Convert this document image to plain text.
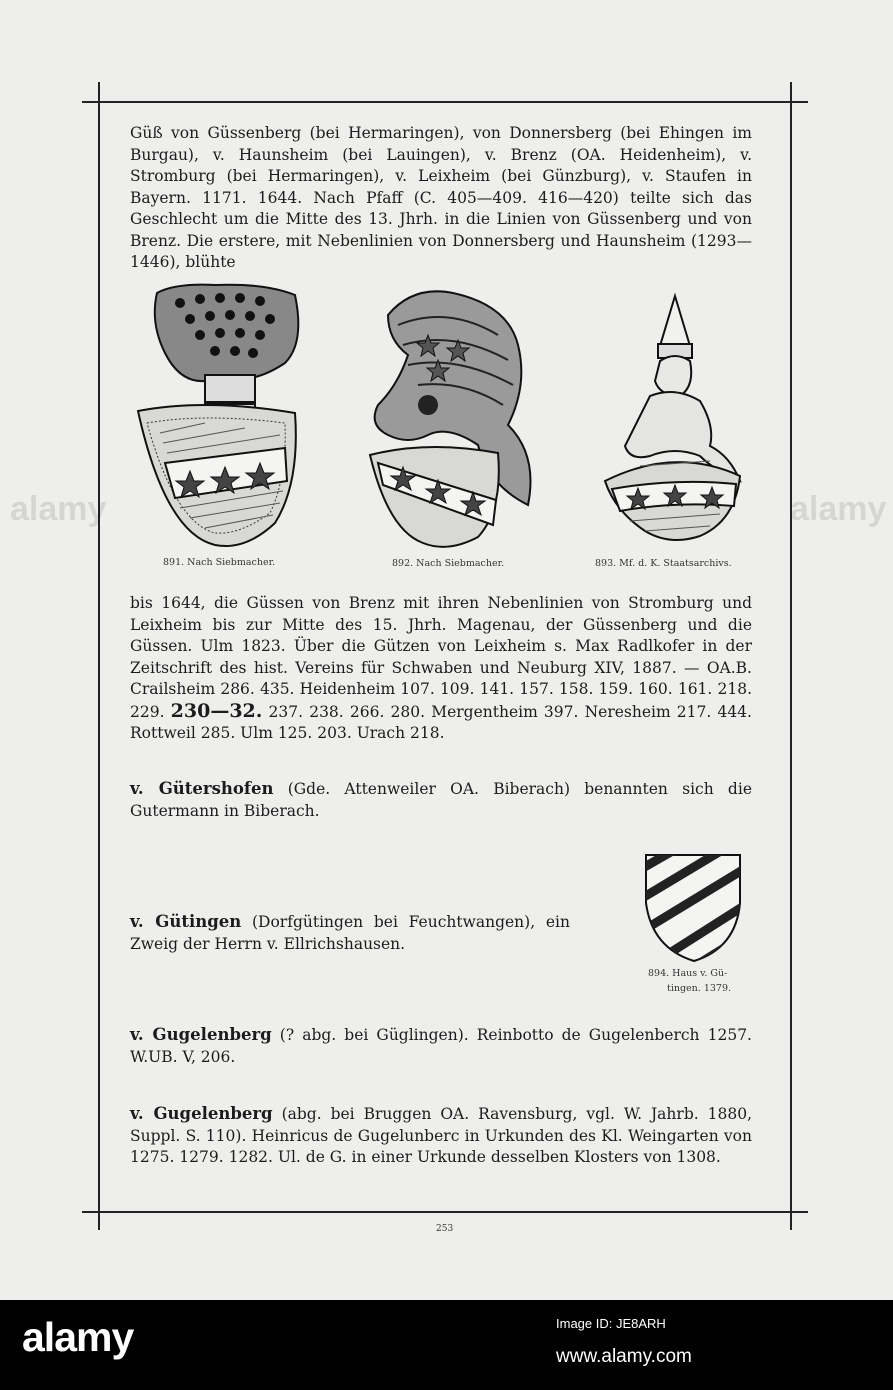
Güß von Güssenberg (bei Hermaringen), von Donnersberg (bei Ehingen im Burgau), v. Haunsheim (bei Lauingen), v. Brenz (OA. Heidenheim), v. Stromburg (bei Hermaringen), v. Leixheim (bei Günzburg), v. Staufen in Bayern. 1171. 1644. Nach Pfaff (C. 405—409. 416—420) teilte sich das Geschlecht um die Mitte des 13. Jhrh. in die Linien von Güssenberg und von Brenz. Die erstere, mit Nebenlinien von Donnersberg und Haunsheim (1293—1446), blühte
891. Nach Siebmacher.	892. Nach Siebmacher.	893. Mf. d. K. Staatsarchivs.
bis 1644, die Güssen von Brenz mit ihren Nebenlinien von Stromburg und Leixheim bis zur Mitte des 15. Jhrh. Magenau, der Güssenberg und die Güssen. Ulm 1823. Über die Gützen von Leixheim s. Max Radlkofer in der Zeitschrift des hist. Vereins für Schwaben und Neuburg XIV, 1887. — OA.B. Crailsheim 286. 435. Heidenheim 107. 109. 141. 157. 158. 159. 160. 161. 218. 229. 230—32. 237. 238. 266. 280. Mergentheim 397. Neresheim 217. 444. Rottweil 285. Ulm 125. 203. Urach 218.
v. Gütershofen (Gde. Attenweiler OA. Biberach) benannten sich die Gutermann in Biberach.
v. Gütingen (Dorfgütingen bei Feuchtwangen), ein Zweig der Herrn v. Ellrichshausen.
894. Haus v. Gü-
tingen. 1379.
v. Gugelenberg (? abg. bei Güglingen). Reinbotto de Gugelenberch 1257. W.UB. V, 206.
v. Gugelenberg (abg. bei Bruggen OA. Ravensburg, vgl. W. Jahrb. 1880, Suppl. S. 110). Heinricus de Gugelunberc in Urkunden des Kl. Weingarten von 1275. 1279. 1282. Ul. de G. in einer Urkunde desselben Klosters von 1308.
253
alamy	alamy
alamy	Image ID: JE8ARH
www.alamy.com
